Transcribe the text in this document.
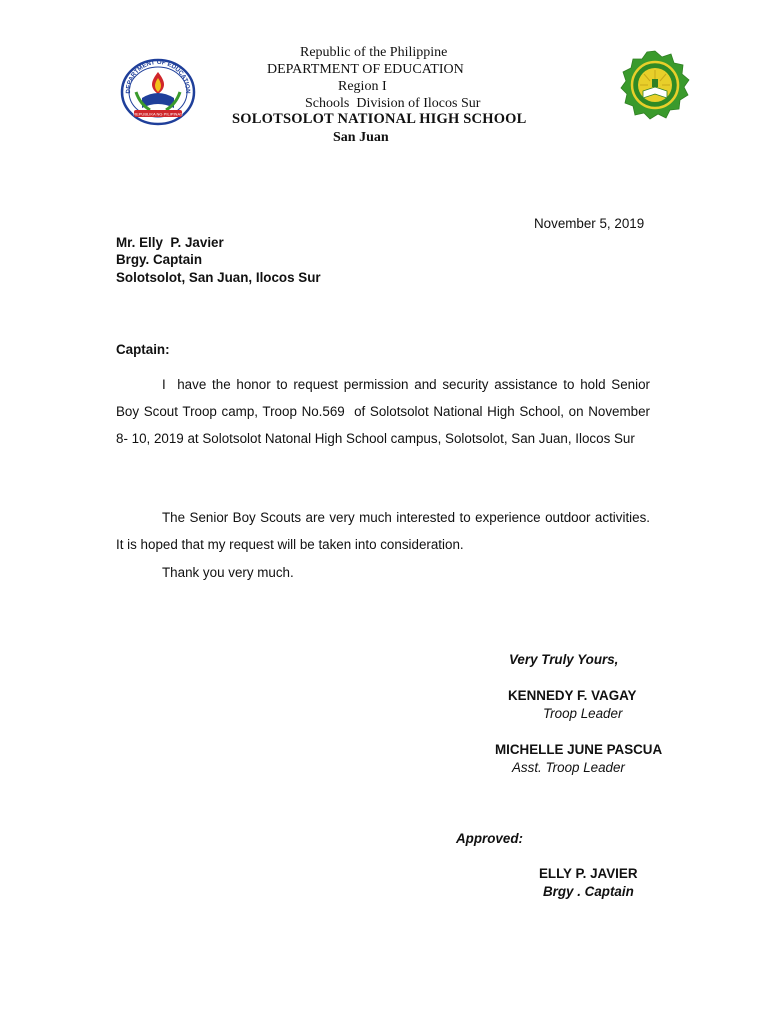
DEPARTMENT OF EDUCATION
REPUBLIKA NG PILIPINAS
Republic of the Philippine
DEPARTMENT OF EDUCATION
Region I
Schools  Division of Ilocos Sur
SOLOTSOLOT NATIONAL HIGH SCHOOL
San Juan
November 5, 2019
Mr. Elly  P. Javier
Brgy. Captain
Solotsolot, San Juan, Ilocos Sur
Captain:
I  have the honor to request permission and security assistance to hold Senior Boy Scout Troop camp, Troop No.569  of Solotsolot National High School, on November 8- 10, 2019 at Solotsolot Natonal High School campus, Solotsolot, San Juan, Ilocos Sur
The Senior Boy Scouts are very much interested to experience outdoor activities. It is hoped that my request will be taken into consideration.
Thank you very much.
Very Truly Yours,
KENNEDY F. VAGAY
Troop Leader
MICHELLE JUNE PASCUA
Asst. Troop Leader
Approved:
ELLY P. JAVIER
Brgy . Captain
